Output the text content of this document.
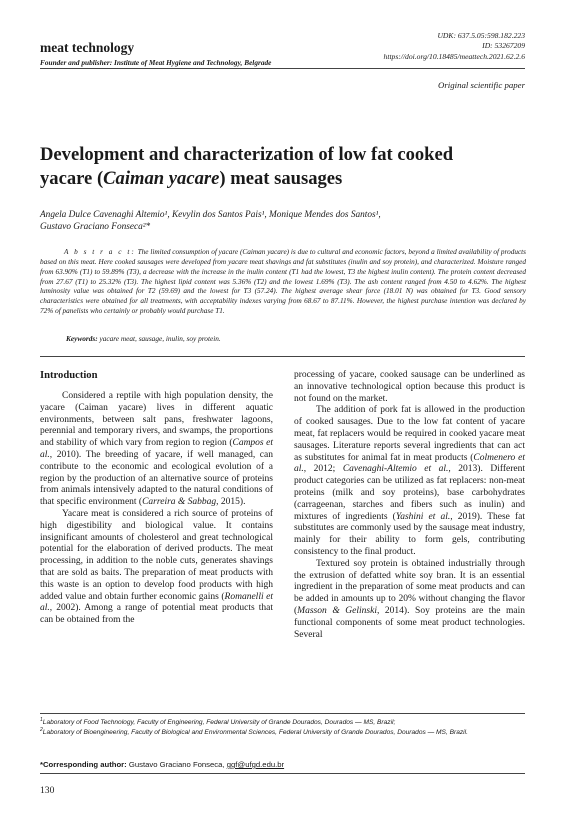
meat technology
Founder and publisher: Institute of Meat Hygiene and Technology, Belgrade
UDK: 637.5.05:598.182.223
ID: 53267209
https://doi.org/10.18485/meattech.2021.62.2.6
Original scientific paper
Development and characterization of low fat cooked
yacare (Caiman yacare) meat sausages
Angela Dulce Cavenaghi Altemio¹, Kevylin dos Santos Pais¹, Monique Mendes dos Santos¹,
Gustavo Graciano Fonseca²*
A b s t r a c t: The limited consumption of yacare (Caiman yacare) is due to cultural and economic factors, beyond a limited availability of products based on this meat. Here cooked sausages were developed from yacare meat shavings and fat substitutes (inulin and soy protein), and characterized. Moisture ranged from 63.90% (T1) to 59.89% (T3), a decrease with the increase in the inulin content (T1 had the lowest, T3 the highest inulin content). The protein content decreased from 27.67 (T1) to 25.32% (T3). The highest lipid content was 5.36% (T2) and the lowest 1.69% (T3). The ash content ranged from 4.50 to 4.62%. The highest luminosity value was obtained for T2 (59.69) and the lowest for T3 (57.24). The highest average shear force (18.01 N) was obtained for T3. Good sensory characteristics were obtained for all treatments, with acceptability indexes varying from 68.67 to 87.11%. However, the highest purchase intention was declared by 72% of panelists who certainly or probably would purchase T1.
Keywords: yacare meat, sausage, inulin, soy protein.
Introduction

Considered a reptile with high population density, the yacare (Caiman yacare) lives in different aquatic environments, between salt pans, freshwater lagoons, perennial and temporary rivers, and swamps, the proportions and stability of which vary from region to region (Campos et al., 2010). The breeding of yacare, if well managed, can contribute to the economic and ecological evolution of a region by the production of an alternative source of proteins from animals intensively adapted to the natural conditions of that specific environment (Carreira & Sabbag, 2015).

Yacare meat is considered a rich source of proteins of high digestibility and biological value. It contains insignificant amounts of cholesterol and great technological potential for the elaboration of derived products. The meat processing, in addition to the noble cuts, generates shavings that are sold as baits. The preparation of meat products with this waste is an option to develop food products with high added value and obtain further economic gains (Romanelli et al., 2002). Among a range of potential meat products that can be obtained from the

processing of yacare, cooked sausage can be underlined as an innovative technological option because this product is not found on the market.

The addition of pork fat is allowed in the production of cooked sausages. Due to the low fat content of yacare meat, fat replacers would be required in cooked yacare meat sausages. Literature reports several ingredients that can act as substitutes for animal fat in meat products (Colmenero et al., 2012; Cavenaghi-Altemio et al., 2013). Different product categories can be utilized as fat replacers: non-meat proteins (milk and soy proteins), base carbohydrates (carrageenan, starches and fibers such as inulin) and mixtures of ingredients (Yashini et al., 2019). These fat substitutes are commonly used by the sausage meat industry, mainly for their ability to form gels, contributing consistency to the final product.

Textured soy protein is obtained industrially through the extrusion of defatted white soy bran. It is an essential ingredient in the preparation of some meat products and can be added in amounts up to 20% without changing the flavor (Masson & Gelinski, 2014). Soy proteins are the main functional components of some meat product technologies. Several

$^1$Laboratory of Food Technology, Faculty of Engineering, Federal University of Grande Dourados, Dourados — MS, Brazil;
$^2$Laboratory of Bioengineering, Faculty of Biological and Environmental Sciences, Federal University of Grande Dourados, Dourados — MS, Brazil.
*Corresponding author: Gustavo Graciano Fonseca, ggf@ufgd.edu.br
130
